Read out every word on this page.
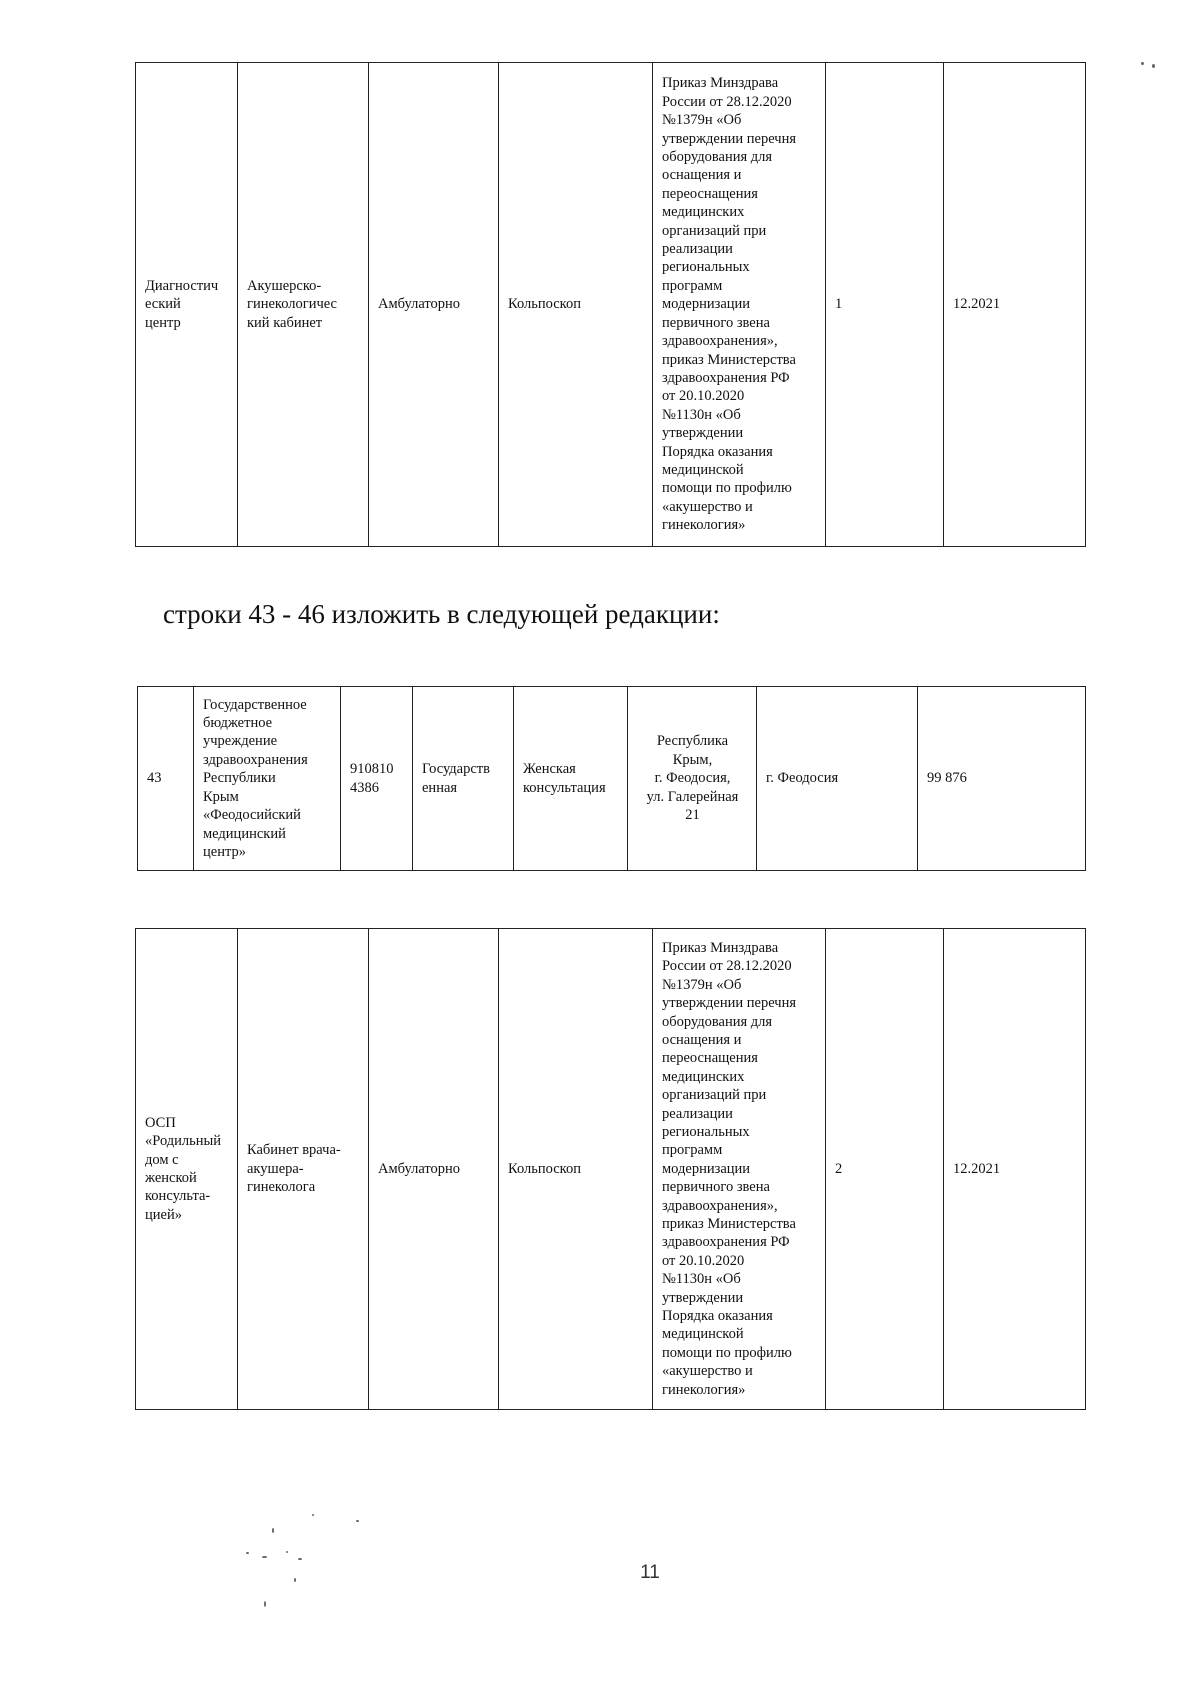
Диагностич
еский
центр	Акушерско-
гинекологичес
кий кабинет	Амбулаторно	Кольпоскоп	Приказ Минздрава
России от 28.12.2020
№1379н «Об
утверждении перечня
оборудования для
оснащения и
переоснащения
медицинских
организаций при
реализации
региональных
программ
модернизации
первичного звена
здравоохранения»,
приказ Министерства
здравоохранения РФ
от 20.10.2020
№1130н «Об
утверждении
Порядка оказания
медицинской
помощи по профилю
«акушерство и
гинекология»	1	12.2021
строки 43 - 46 изложить в следующей редакции:
43	Государственное
бюджетное
учреждение
здравоохранения
Республики
Крым
«Феодосийский
медицинский
центр»	910810
4386	Государств
енная	Женская
консультация	Республика
Крым,
г. Феодосия,
ул. Галерейная
21	г. Феодосия	99 876
ОСП
«Родильный
дом с
женской
консульта-
цией»	Кабинет врача-
акушера-
гинеколога	Амбулаторно	Кольпоскоп	Приказ Минздрава
России от 28.12.2020
№1379н «Об
утверждении перечня
оборудования для
оснащения и
переоснащения
медицинских
организаций при
реализации
региональных
программ
модернизации
первичного звена
здравоохранения»,
приказ Министерства
здравоохранения РФ
от 20.10.2020
№1130н «Об
утверждении
Порядка оказания
медицинской
помощи по профилю
«акушерство и
гинекология»	2	12.2021
11
